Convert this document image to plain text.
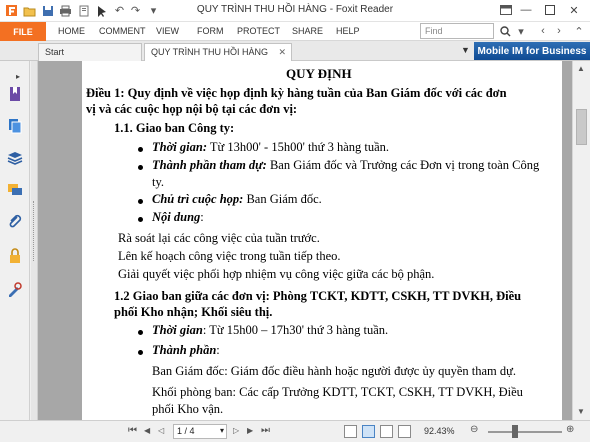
↶ ↷ ▾	QUY TRÌNH THU HỒI HÀNG - Foxit Reader	—	✕
FILE	HOME COMMENT VIEW FORM PROTECT SHARE HELP	Find	▾	‹	›	⌃
Start	QUY TRÌNH THU HỒI HÀNG ✕	▼ Mobile IM for Business
▸	QUY ĐỊNH
Điều 1: Quy định về việc họp định kỳ hàng tuần của Ban Giám đốc với các đơn
vị và các cuộc họp nội bộ tại các đơn vị:
1.1. Giao ban Công ty:
Thời gian: Từ 13h00' - 15h00' thứ 3 hàng tuần.
Thành phần tham dự: Ban Giám đốc và Trưởng các Đơn vị trong toàn Công
ty.
Chủ trì cuộc họp: Ban Giám đốc.
Nội dung:
Rà soát lại các công việc của tuần trước.
Lên kế hoạch công việc trong tuần tiếp theo.
Giải quyết việc phối hợp nhiệm vụ công việc giữa các bộ phận.
1.2 Giao ban giữa các đơn vị: Phòng TCKT, KDTT, CSKH, TT DVKH, Điều
phối Kho nhận; Khối siêu thị.
Thời gian: Từ 15h00 – 17h30' thứ 3 hàng tuần.
Thành phần:
Ban Giám đốc: Giám đốc điều hành hoặc người được ủy quyền tham dự.
Khối phòng ban: Các cấp Trưởng KDTT, TCKT, CSKH, TT DVKH, Điều
phối Kho vận.
▲
▼
⏮ ◀ ◁	1 / 4	▾ ▷ ▶ ⏭	92.43% ⊖	⊕
